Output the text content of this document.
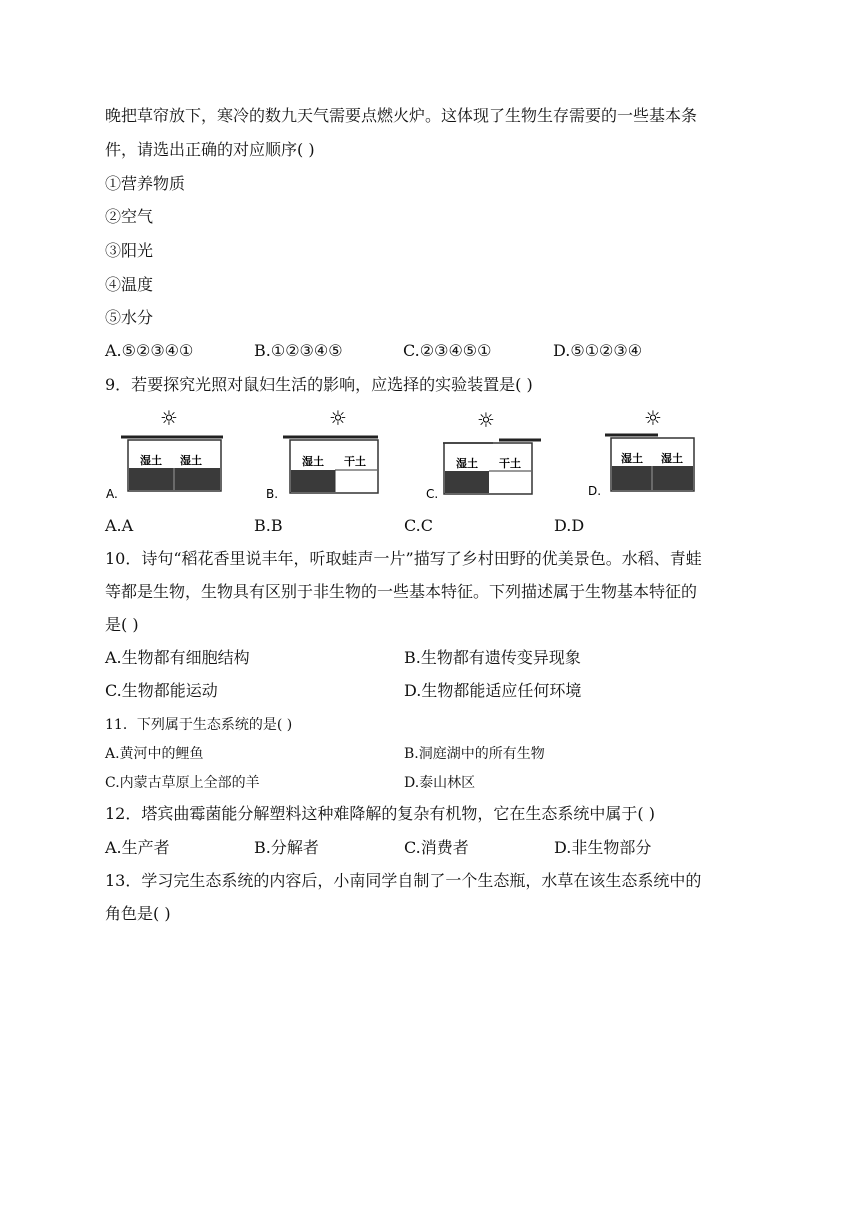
晚把草帘放下，寒冷的数九天气需要点燃火炉。这体现了生物生存需要的一些基本条
件，请选出正确的对应顺序( )
①营养物质
②空气
③阳光
④温度
⑤水分
A.⑤②③④①	B.①②③④⑤	C.②③④⑤①	D.⑤①②③④
9．若要探究光照对鼠妇生活的影响，应选择的实验装置是( )
☼
湿土 湿土
A.
☼
湿土 干土
B.
☼
湿土 干土
C.
☼
湿土 湿土
D.
A.A	B.B	C.C	D.D
10．诗句“稻花香里说丰年，听取蛙声一片”描写了乡村田野的优美景色。水稻、青蛙
等都是生物，生物具有区别于非生物的一些基本特征。下列描述属于生物基本特征的
是( )
A.生物都有细胞结构	B.生物都有遗传变异现象
C.生物都能运动	D.生物都能适应任何环境
11．下列属于生态系统的是( )
A.黄河中的鲤鱼	B.洞庭湖中的所有生物
C.内蒙古草原上全部的羊	D.泰山林区
12．塔宾曲霉菌能分解塑料这种难降解的复杂有机物，它在生态系统中属于( )
A.生产者	B.分解者	C.消费者	D.非生物部分
13．学习完生态系统的内容后，小南同学自制了一个生态瓶，水草在该生态系统中的
角色是( )
